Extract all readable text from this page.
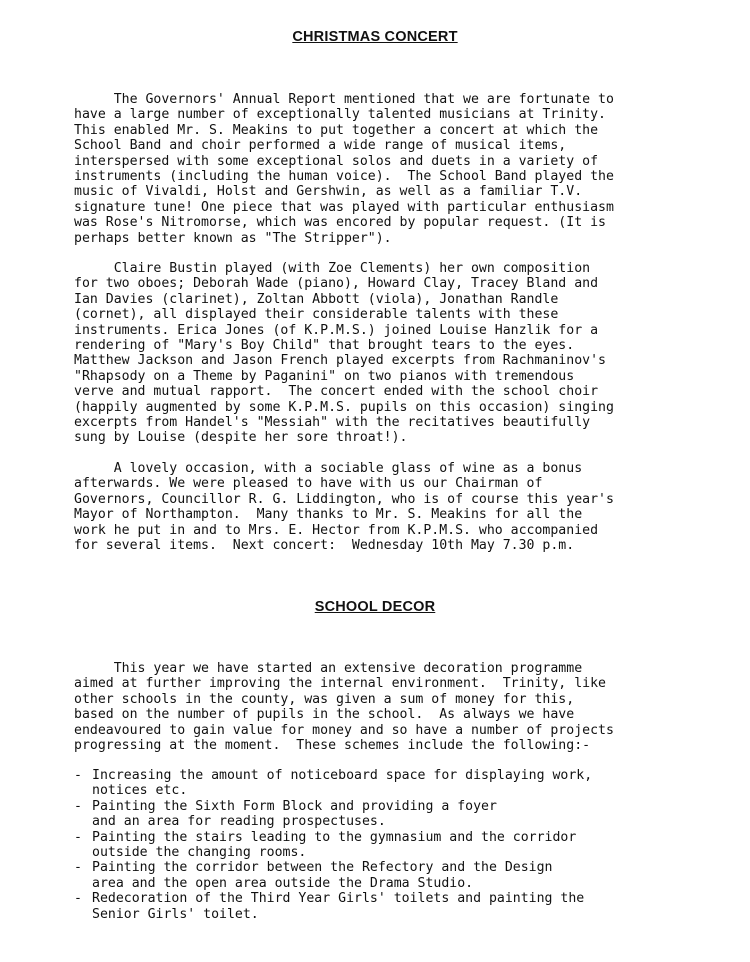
CHRISTMAS CONCERT

The Governors' Annual Report mentioned that we are fortunate to
have a large number of exceptionally talented musicians at Trinity.
This enabled Mr. S. Meakins to put together a concert at which the
School Band and choir performed a wide range of musical items,
interspersed with some exceptional solos and duets in a variety of
instruments (including the human voice).  The School Band played the
music of Vivaldi, Holst and Gershwin, as well as a familiar T.V.
signature tune! One piece that was played with particular enthusiasm
was Rose's Nitromorse, which was encored by popular request. (It is
perhaps better known as "The Stripper").

Claire Bustin played (with Zoe Clements) her own composition
for two oboes; Deborah Wade (piano), Howard Clay, Tracey Bland and
Ian Davies (clarinet), Zoltan Abbott (viola), Jonathan Randle
(cornet), all displayed their considerable talents with these
instruments. Erica Jones (of K.P.M.S.) joined Louise Hanzlik for a
rendering of "Mary's Boy Child" that brought tears to the eyes.
Matthew Jackson and Jason French played excerpts from Rachmaninov's
"Rhapsody on a Theme by Paganini" on two pianos with tremendous
verve and mutual rapport.  The concert ended with the school choir
(happily augmented by some K.P.M.S. pupils on this occasion) singing
excerpts from Handel's "Messiah" with the recitatives beautifully
sung by Louise (despite her sore throat!).

A lovely occasion, with a sociable glass of wine as a bonus
afterwards. We were pleased to have with us our Chairman of
Governors, Councillor R. G. Liddington, who is of course this year's
Mayor of Northampton.  Many thanks to Mr. S. Meakins for all the
work he put in and to Mrs. E. Hector from K.P.M.S. who accompanied
for several items.  Next concert:  Wednesday 10th May 7.30 p.m.

SCHOOL DECOR

This year we have started an extensive decoration programme
aimed at further improving the internal environment.  Trinity, like
other schools in the county, was given a sum of money for this,
based on the number of pupils in the school.  As always we have
endeavoured to gain value for money and so have a number of projects
progressing at the moment.  These schemes include the following:-

- Increasing the amount of noticeboard space for displaying work,
notices etc.
- Painting the Sixth Form Block and providing a foyer
and an area for reading prospectuses.
- Painting the stairs leading to the gymnasium and the corridor
outside the changing rooms.
- Painting the corridor between the Refectory and the Design
area and the open area outside the Drama Studio.
- Redecoration of the Third Year Girls' toilets and painting the
Senior Girls' toilet.
